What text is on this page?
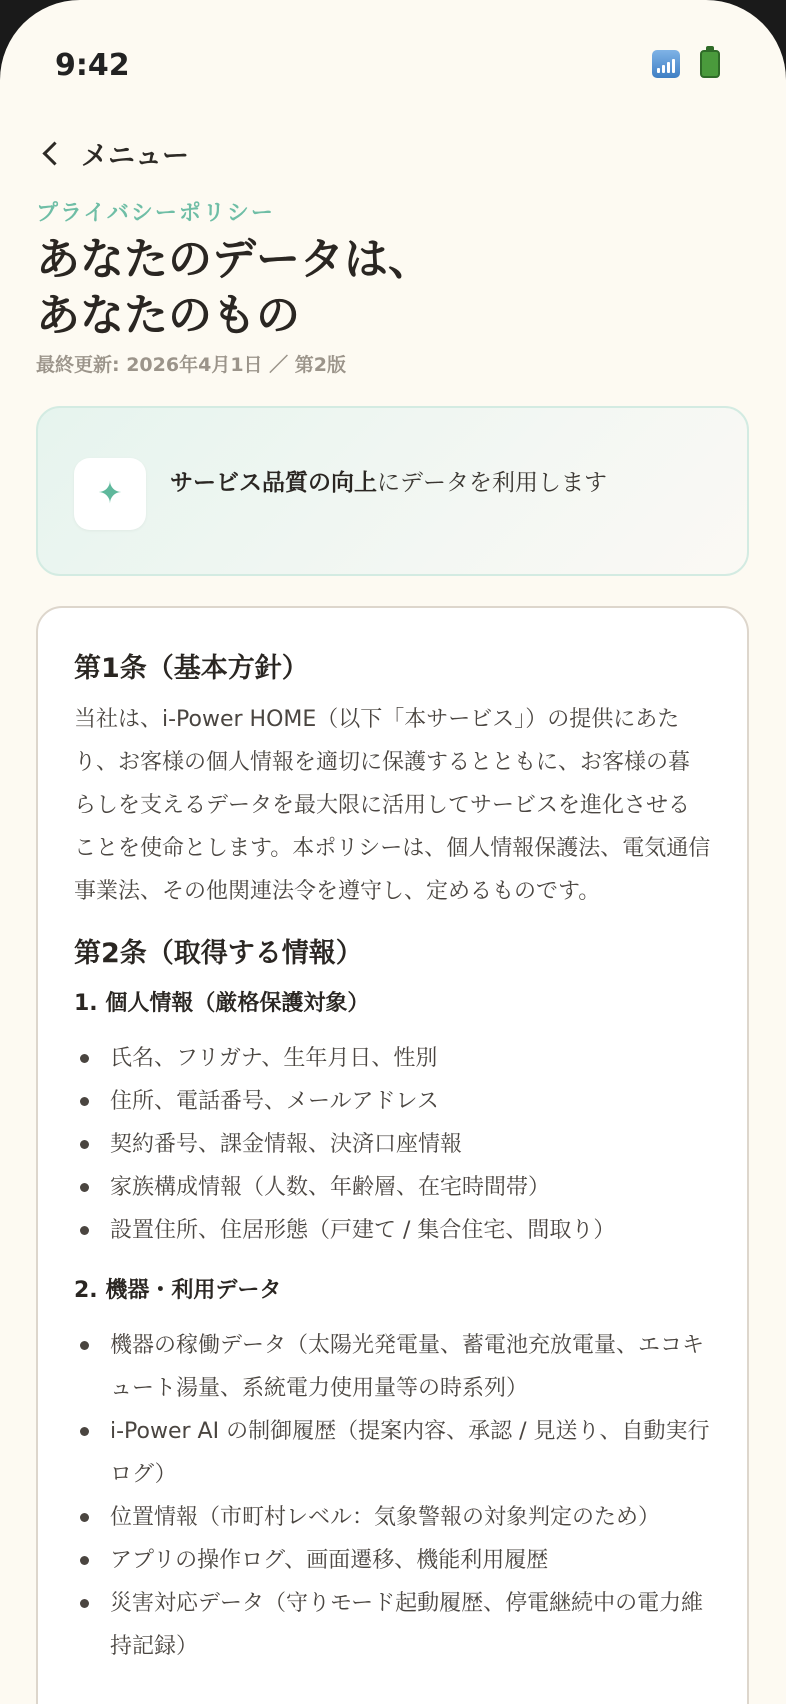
9:42
メニュー
プライバシーポリシー
あなたのデータは、
あなたのもの
最終更新: 2026年4月1日 ／ 第2版
✦ サービス品質の向上にデータを利用します
第1条（基本方針）

当社は、i-Power HOME（以下「本サービス」）の提供にあたり、お客様の個人情報を適切に保護するとともに、お客様の暮らしを支えるデータを最大限に活用してサービスを進化させることを使命とします。本ポリシーは、個人情報保護法、電気通信事業法、その他関連法令を遵守し、定めるものです。

第2条（取得する情報）
1. 個人情報（厳格保護対象）
氏名、フリガナ、生年月日、性別
住所、電話番号、メールアドレス
契約番号、課金情報、決済口座情報
家族構成情報（人数、年齢層、在宅時間帯）
設置住所、住居形態（戸建て / 集合住宅、間取り）
2. 機器・利用データ
機器の稼働データ（太陽光発電量、蓄電池充放電量、エコキュート湯量、系統電力使用量等の時系列）
i-Power AI の制御履歴（提案内容、承認 / 見送り、自動実行ログ）
位置情報（市町村レベル：気象警報の対象判定のため）
アプリの操作ログ、画面遷移、機能利用履歴
災害対応データ（守りモード起動履歴、停電継続中の電力維持記録）
